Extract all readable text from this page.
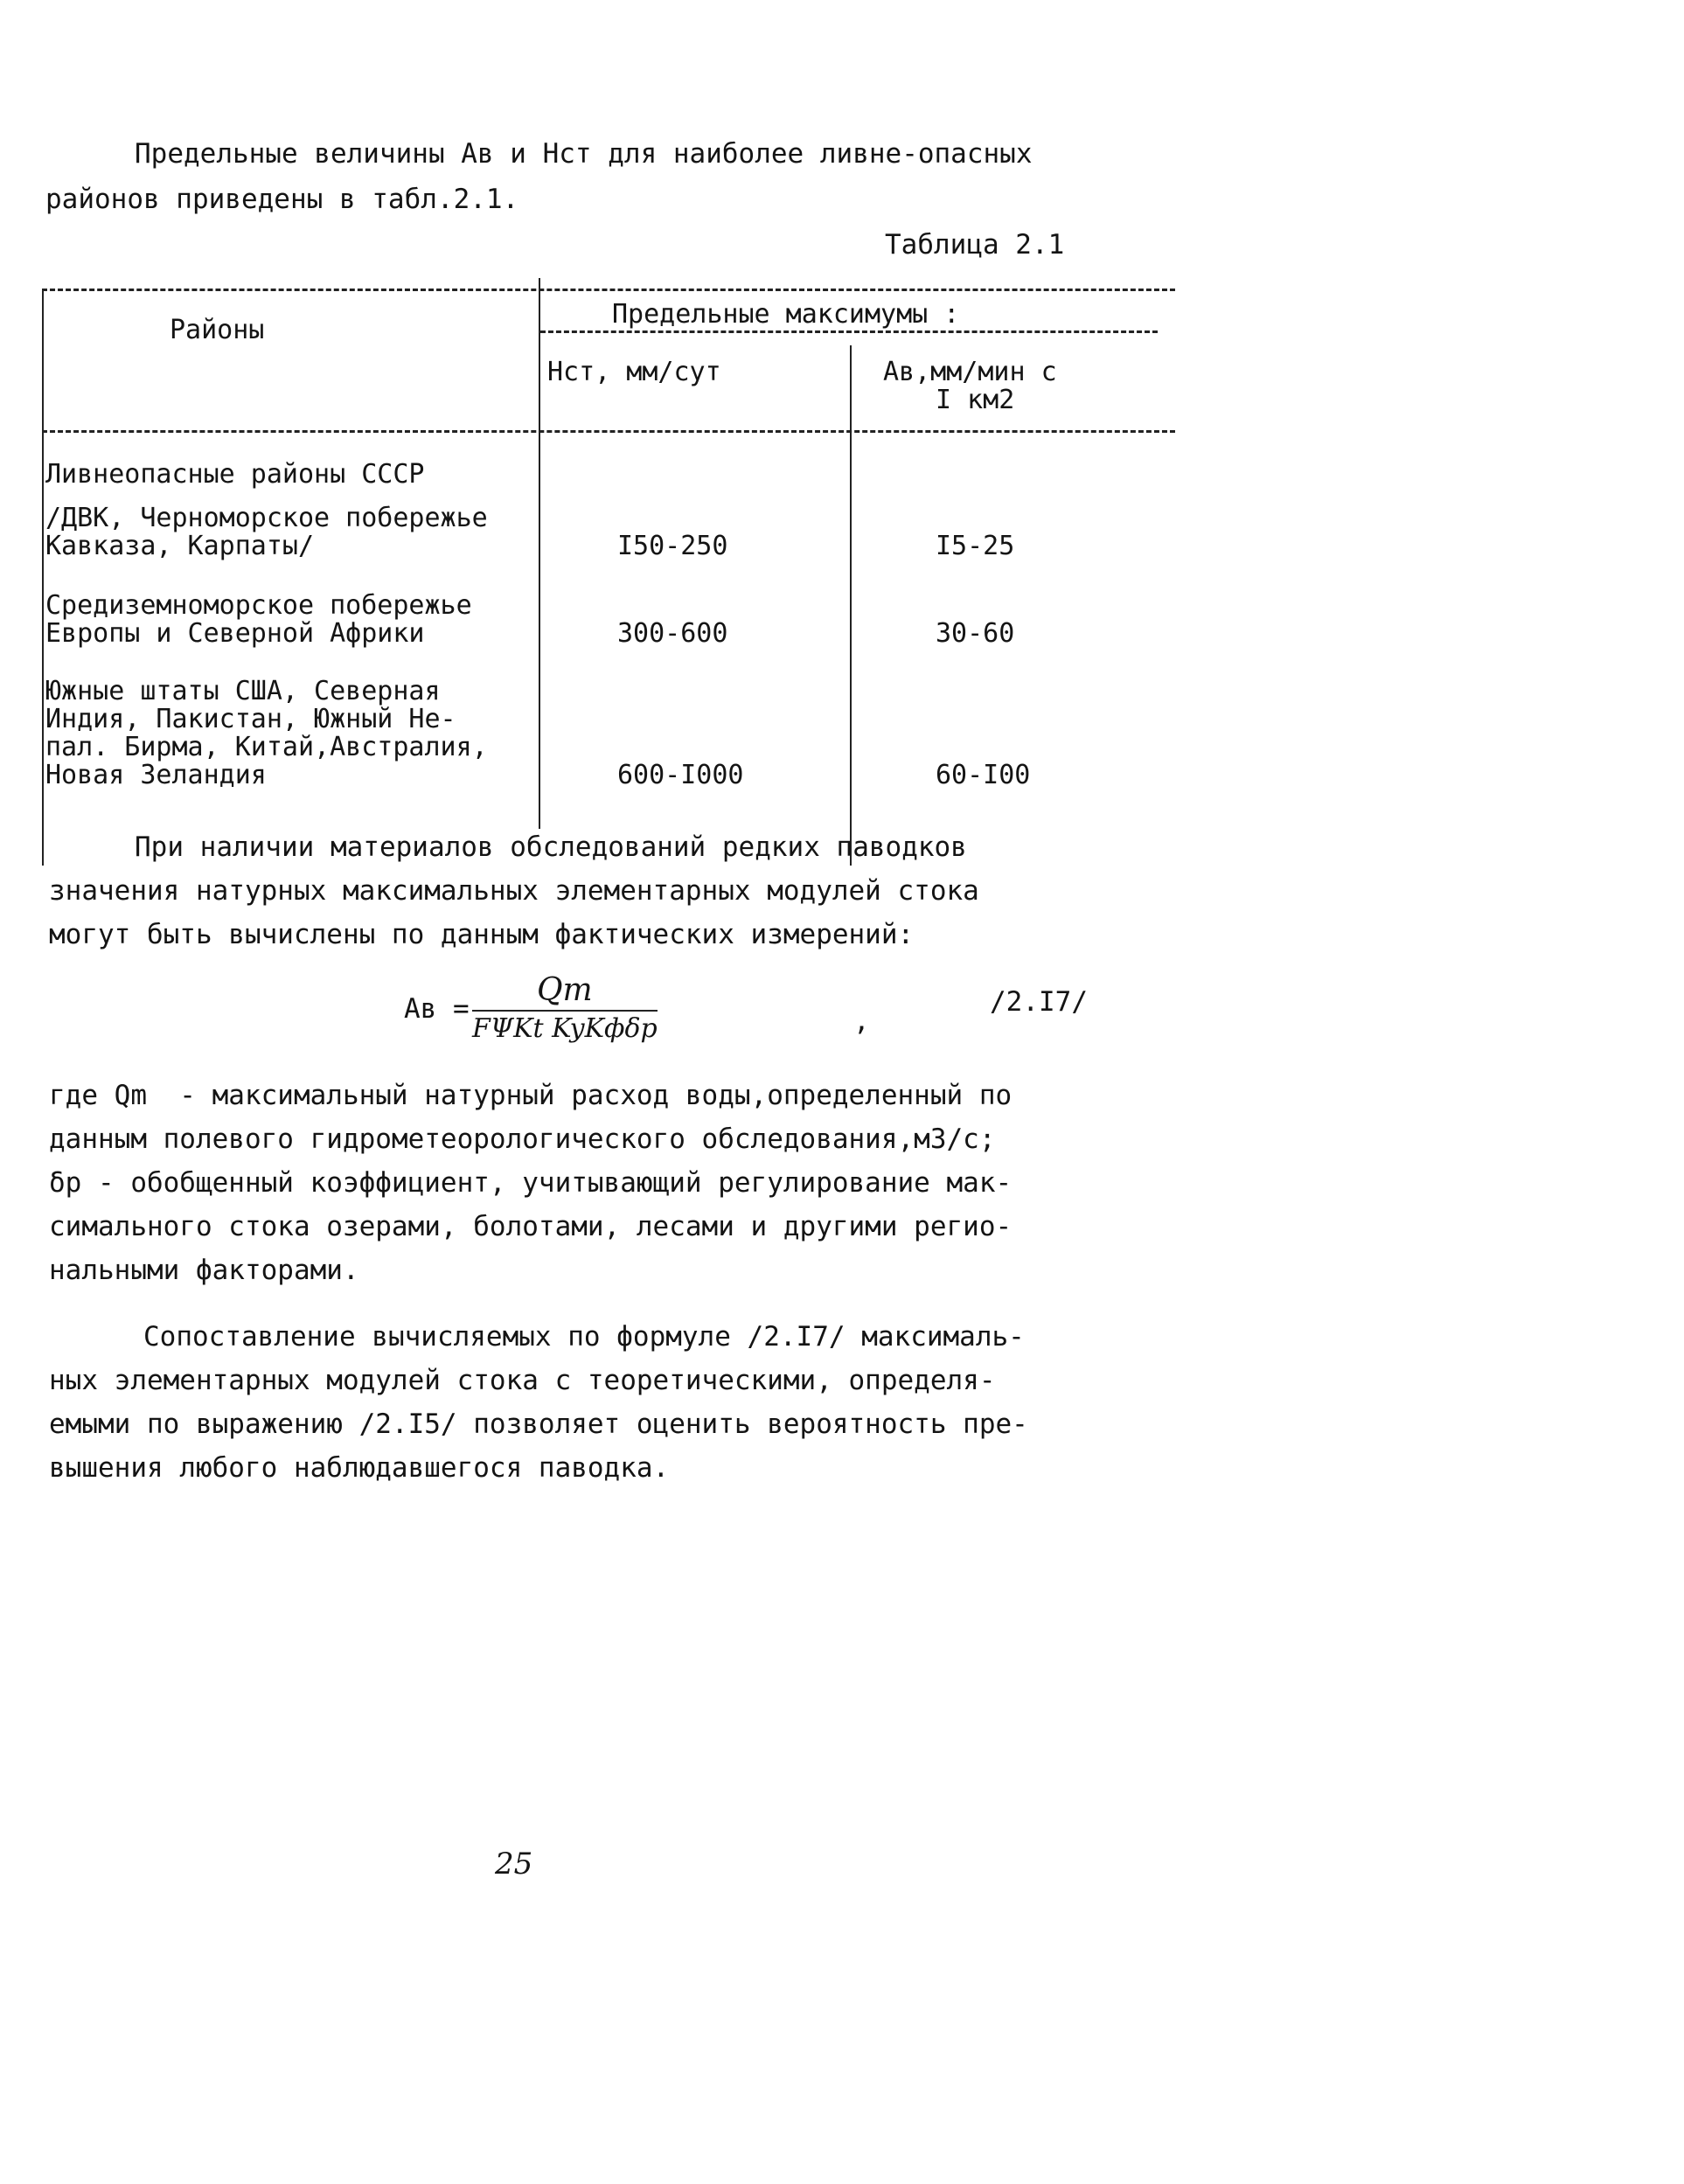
Предельные величины Ав и Нст для наиболее ливне-опасных
районов приведены в табл.2.1.
Таблица 2.1
Районы
Предельные максимумы :
Нст, мм/сут	Ав,мм/мин с
I км2
Ливнеопасные районы СССР
/ДВК, Черноморское побережье
Кавказа, Карпаты/	I50-250	I5-25
Средиземноморское побережье
Европы и Северной Африки	300-600	30-60
Южные штаты США, Северная
Индия, Пакистан, Южный Не-
пал. Бирма, Китай,Австралия,
Новая Зеландия	600-I000	60-I00
При наличии материалов обследований редких паводков
значения натурных максимальных элементарных модулей стока
могут быть вычислены по данным фактических измерений:
Ав =
Qm
FΨKt KyKфδp	,
/2.I7/
где Qm  - максимальный натурный расход воды,определенный по
данным полевого гидрометеорологического обследования,м3/с;
δр - обобщенный коэффициент, учитывающий регулирование мак-
симального стока озерами, болотами, лесами и другими регио-
нальными факторами.
Сопоставление вычисляемых по формуле /2.I7/ максималь-
ных элементарных модулей стока с теоретическими, определя-
емыми по выражению /2.I5/ позволяет оценить вероятность пре-
вышения любого наблюдавшегося паводка.
25
